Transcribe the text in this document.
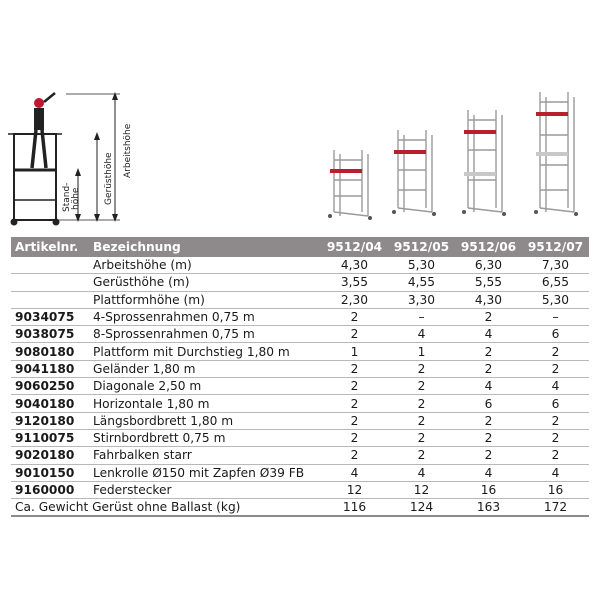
Arbeitshöhe
Gerüsthöhe
Stand- höhe
Artikelnr.	Bezeichnung	9512/04	9512/05	9512/06	9512/07
	Arbeitshöhe (m)	4,30	5,30	6,30	7,30
	Gerüsthöhe (m)	3,55	4,55	5,55	6,55
	Plattformhöhe (m)	2,30	3,30	4,30	5,30
9034075	4-Sprossenrahmen 0,75 m	2	–	2	–
9038075	8-Sprossenrahmen 0,75 m	2	4	4	6
9080180	Plattform mit Durchstieg 1,80 m	1	1	2	2
9041180	Geländer 1,80 m	2	2	2	2
9060250	Diagonale 2,50 m	2	2	4	4
9040180	Horizontale 1,80 m	2	2	6	6
9120180	Längsbordbrett 1,80 m	2	2	2	2
9110075	Stirnbordbrett 0,75 m	2	2	2	2
9020180	Fahrbalken starr	2	2	2	2
9010150	Lenkrolle Ø150 mit Zapfen Ø39 FB	4	4	4	4
9160000	Federstecker	12	12	16	16
Ca. Gewicht Gerüst ohne Ballast (kg)		116	124	163	172
